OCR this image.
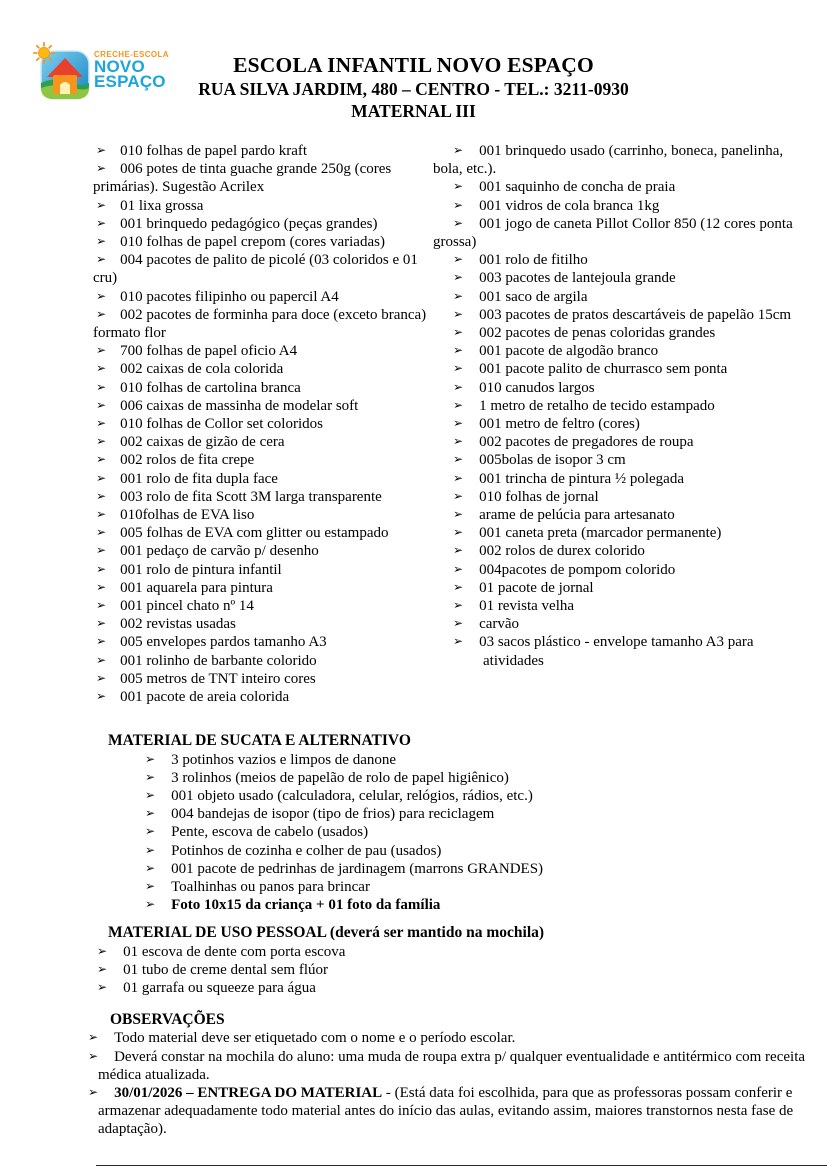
CRECHE-ESCOLA
NOVO
ESPAÇO
ESCOLA INFANTIL NOVO ESPAÇO
RUA SILVA JARDIM, 480 – CENTRO - TEL.: 3211-0930
MATERNAL III

➢ 010 folhas de papel pardo kraft

➢ 006 potes de tinta guache grande 250g (cores primárias). Sugestão Acrilex

➢ 01 lixa grossa

➢ 001 brinquedo pedagógico (peças grandes)

➢ 010 folhas de papel crepom (cores variadas)

➢ 004 pacotes de palito de picolé (03 coloridos e 01 cru)

➢ 010 pacotes filipinho ou papercil A4

➢ 002 pacotes de forminha para doce (exceto branca) formato flor

➢ 700 folhas de papel oficio A4

➢ 002 caixas de cola colorida

➢ 010 folhas de cartolina branca

➢ 006 caixas de massinha de modelar soft

➢ 010 folhas de Collor set coloridos

➢ 002 caixas de gizão de cera

➢ 002 rolos de fita crepe

➢ 001 rolo de fita dupla face

➢ 003 rolo de fita Scott 3M larga transparente

➢ 010folhas de EVA liso

➢ 005 folhas de EVA com glitter ou estampado

➢ 001 pedaço de carvão p/ desenho

➢ 001 rolo de pintura infantil

➢ 001 aquarela para pintura

➢ 001 pincel chato nº 14

➢ 002 revistas usadas

➢ 005 envelopes pardos tamanho A3

➢ 001 rolinho de barbante colorido

➢ 005 metros de TNT inteiro cores

➢ 001 pacote de areia colorida

➢ 001 brinquedo usado (carrinho, boneca, panelinha, bola, etc.).

➢ 001 saquinho de concha de praia

➢ 001 vidros de cola branca 1kg

➢ 001 jogo de caneta Pillot Collor 850 (12 cores ponta grossa)

➢ 001 rolo de fitilho

➢ 003 pacotes de lantejoula grande

➢ 001 saco de argila

➢ 003 pacotes de pratos descartáveis de papelão 15cm

➢ 002 pacotes de penas coloridas grandes

➢ 001 pacote de algodão branco

➢ 001 pacote palito de churrasco sem ponta

➢ 010 canudos largos

➢ 1 metro de retalho de tecido estampado

➢ 001 metro de feltro (cores)

➢ 002 pacotes de pregadores de roupa

➢ 005bolas de isopor 3 cm

➢ 001 trincha de pintura ½ polegada

➢ 010 folhas de jornal

➢ arame de pelúcia para artesanato

➢ 001 caneta preta (marcador permanente)

➢ 002 rolos de durex colorido

➢ 004pacotes de pompom colorido

➢ 01 pacote de jornal

➢ 01 revista velha

➢ carvão

➢ 03 sacos plástico - envelope tamanho A3 para atividades

MATERIAL DE SUCATA E ALTERNATIVO

➢ 3 potinhos vazios e limpos de danone

➢ 3 rolinhos (meios de papelão de rolo de papel higiênico)

➢ 001 objeto usado (calculadora, celular, relógios, rádios, etc.)

➢ 004 bandejas de isopor (tipo de frios) para reciclagem

➢ Pente, escova de cabelo (usados)

➢ Potinhos de cozinha e colher de pau (usados)

➢ 001 pacote de pedrinhas de jardinagem (marrons GRANDES)

➢ Toalhinhas ou panos para brincar

➢ Foto 10x15 da criança + 01 foto da família

MATERIAL DE USO PESSOAL (deverá ser mantido na mochila)

➢ 01 escova de dente com porta escova

➢ 01 tubo de creme dental sem flúor

➢ 01 garrafa ou squeeze para água

OBSERVAÇÕES

➢ Todo material deve ser etiquetado com o nome e o período escolar.

➢ Deverá constar na mochila do aluno: uma muda de roupa extra p/ qualquer eventualidade e antitérmico com receita médica atualizada.

➢ 30/01/2026 – ENTREGA DO MATERIAL - (Está data foi escolhida, para que as professoras possam conferir e armazenar adequadamente todo material antes do início das aulas, evitando assim, maiores transtornos nesta fase de adaptação).
